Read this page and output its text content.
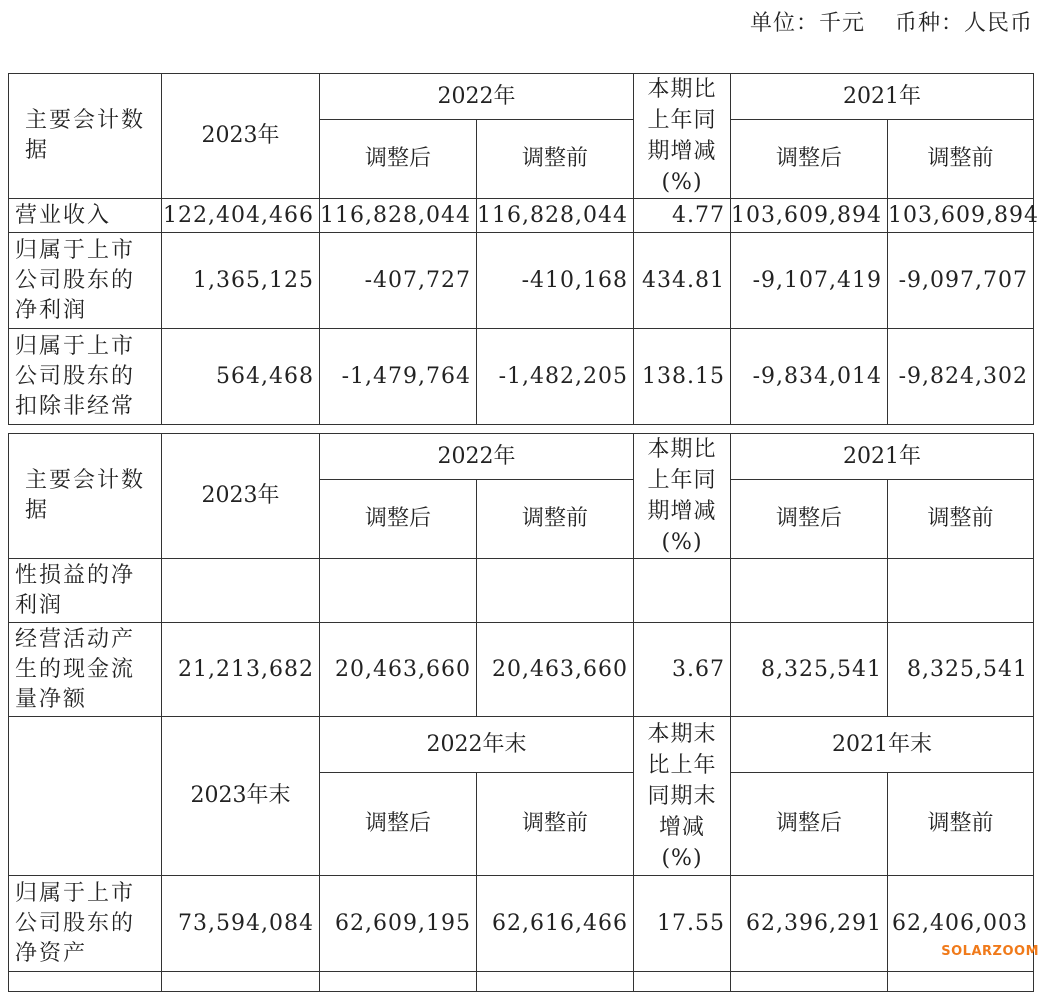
单位：千元 币种：人民币
主要会计数据	2023年	2022年		本期比上年同期增减(%)	2021年	
		调整后	调整前		调整后	调整前
营业收入	122,404,466	116,828,044	116,828,044	4.77	103,609,894	103,609,894

归属于上市公司股东的净利润	1,365,125	-407,727	-410,168	434.81	-9,107,419	-9,097,707

归属于上市公司股东的扣除非经常	564,468	-1,479,764	-1,482,205	138.15	-9,834,014	-9,824,302
主要会计数据	2023年	2022年		本期比上年同期增减(%)	2021年	
		调整后	调整前		调整后	调整前

性损益的净利润						

经营活动产生的现金流量净额	21,213,682	20,463,660	20,463,660	3.67	8,325,541	8,325,541
	2023年末	2022年末		本期末比上年同期末增减(%)	2021年末	
		调整后	调整前		调整后	调整前

归属于上市公司股东的净资产	73,594,084	62,609,195	62,616,466	17.55	62,396,291	62,406,003

SOLARZOOM
